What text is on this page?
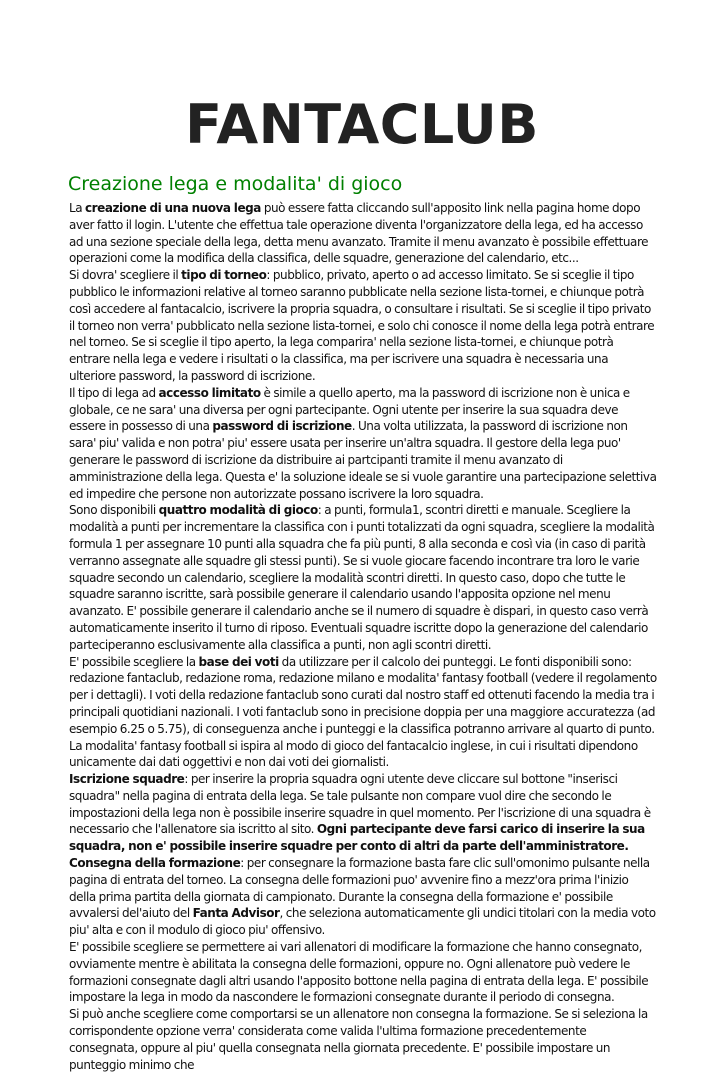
FANTACLUB
Creazione lega e modalita' di gioco

La creazione di una nuova lega può essere fatta cliccando sull'apposito link nella pagina home dopo aver fatto il login. L'utente che effettua tale operazione diventa l'organizzatore della lega, ed ha accesso ad una sezione speciale della lega, detta menu avanzato. Tramite il menu avanzato è possibile effettuare operazioni come la modifica della classifica, delle squadre, generazione del calendario, etc...

Si dovra' scegliere il tipo di torneo: pubblico, privato, aperto o ad accesso limitato. Se si sceglie il tipo pubblico le informazioni relative al torneo saranno pubblicate nella sezione lista-tornei, e chiunque potrà così accedere al fantacalcio, iscrivere la propria squadra, o consultare i risultati. Se si sceglie il tipo privato il torneo non verra' pubblicato nella sezione lista-tornei, e solo chi conosce il nome della lega potrà entrare nel torneo. Se si sceglie il tipo aperto, la lega comparira' nella sezione lista-tornei, e chiunque potrà entrare nella lega e vedere i risultati o la classifica, ma per iscrivere una squadra è necessaria una ulteriore password, la password di iscrizione.

Il tipo di lega ad accesso limitato è simile a quello aperto, ma la password di iscrizione non è unica e globale, ce ne sara' una diversa per ogni partecipante. Ogni utente per inserire la sua squadra deve essere in possesso di una password di iscrizione. Una volta utilizzata, la password di iscrizione non sara' piu' valida e non potra' piu' essere usata per inserire un'altra squadra. Il gestore della lega puo' generare le password di iscrizione da distribuire ai partcipanti tramite il menu avanzato di amministrazione della lega. Questa e' la soluzione ideale se si vuole garantire una partecipazione selettiva ed impedire che persone non autorizzate possano iscrivere la loro squadra.

Sono disponibili quattro modalità di gioco: a punti, formula1, scontri diretti e manuale. Scegliere la modalità a punti per incrementare la classifica con i punti totalizzati da ogni squadra, scegliere la modalità formula 1 per assegnare 10 punti alla squadra che fa più punti, 8 alla seconda e così via (in caso di parità verranno assegnate alle squadre gli stessi punti). Se si vuole giocare facendo incontrare tra loro le varie squadre secondo un calendario, scegliere la modalità scontri diretti. In questo caso, dopo che tutte le squadre saranno iscritte, sarà possibile generare il calendario usando l'apposita opzione nel menu avanzato. E' possibile generare il calendario anche se il numero di squadre è dispari, in questo caso verrà automaticamente inserito il turno di riposo. Eventuali squadre iscritte dopo la generazione del calendario parteciperanno esclusivamente alla classifica a punti, non agli scontri diretti.

E' possibile scegliere la base dei voti da utilizzare per il calcolo dei punteggi. Le fonti disponibili sono: redazione fantaclub, redazione roma, redazione milano e modalita' fantasy football (vedere il regolamento per i dettagli). I voti della redazione fantaclub sono curati dal nostro staff ed ottenuti facendo la media tra i principali quotidiani nazionali. I voti fantaclub sono in precisione doppia per una maggiore accuratezza (ad esempio 6.25 o 5.75), di conseguenza anche i punteggi e la classifica potranno arrivare al quarto di punto. La modalita' fantasy football si ispira al modo di gioco del fantacalcio inglese, in cui i risultati dipendono unicamente dai dati oggettivi e non dai voti dei giornalisti.

Iscrizione squadre: per inserire la propria squadra ogni utente deve cliccare sul bottone "inserisci squadra" nella pagina di entrata della lega. Se tale pulsante non compare vuol dire che secondo le impostazioni della lega non è possibile inserire squadre in quel momento. Per l'iscrizione di una squadra è necessario che l'allenatore sia iscritto al sito. Ogni partecipante deve farsi carico di inserire la sua squadra, non e' possibile inserire squadre per conto di altri da parte dell'amministratore.

Consegna della formazione: per consegnare la formazione basta fare clic sull'omonimo pulsante nella pagina di entrata del torneo. La consegna delle formazioni puo' avvenire fino a mezz'ora prima l'inizio della prima partita della giornata di campionato. Durante la consegna della formazione e' possibile avvalersi del'aiuto del Fanta Advisor, che seleziona automaticamente gli undici titolari con la media voto piu' alta e con il modulo di gioco piu' offensivo.

E' possibile scegliere se permettere ai vari allenatori di modificare la formazione che hanno consegnato, ovviamente mentre è abilitata la consegna delle formazioni, oppure no. Ogni allenatore può vedere le formazioni consegnate dagli altri usando l'apposito bottone nella pagina di entrata della lega. E' possibile impostare la lega in modo da nascondere le formazioni consegnate durante il periodo di consegna.

Si può anche scegliere come comportarsi se un allenatore non consegna la formazione. Se si seleziona la corrispondente opzione verra' considerata come valida l'ultima formazione precedentemente consegnata, oppure al piu' quella consegnata nella giornata precedente. E' possibile impostare un punteggio minimo che
